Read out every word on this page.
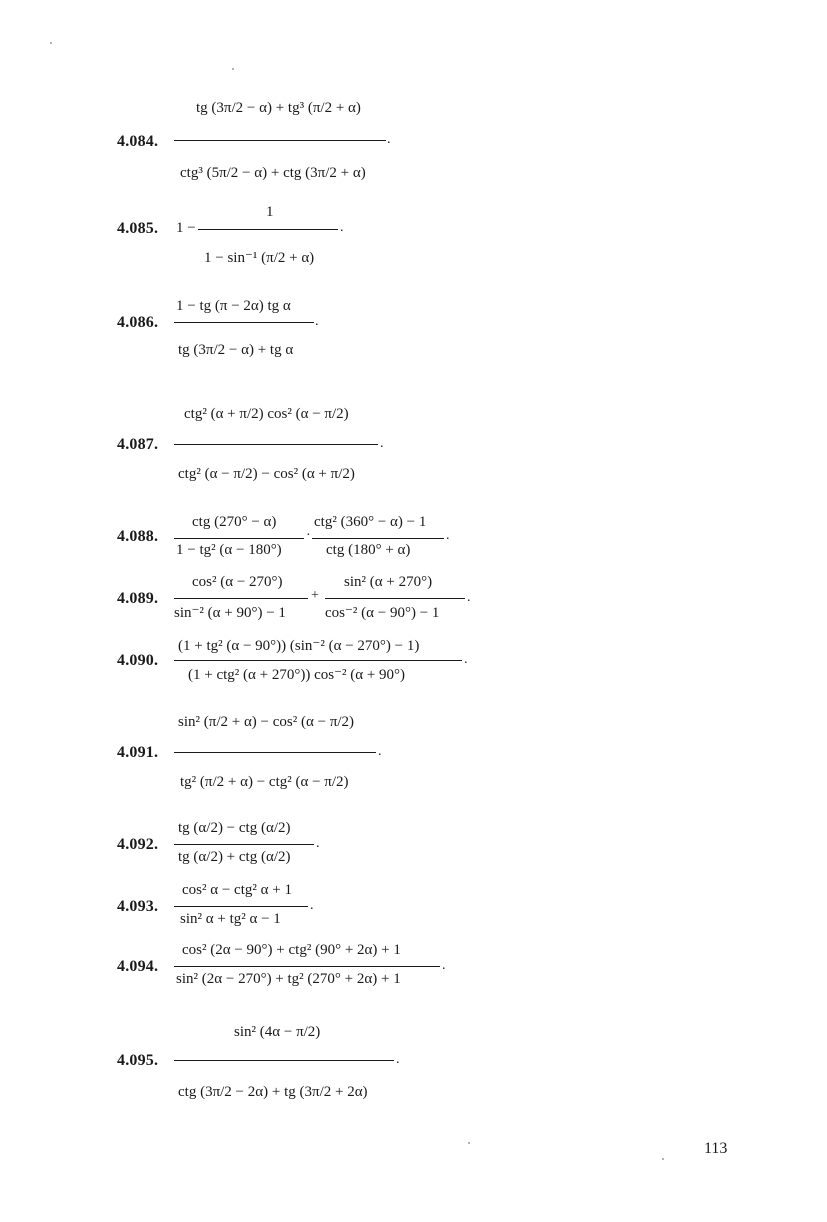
4.084.
tg (3π/2 − α) + tg³ (π/2 + α)
ctg³ (5π/2 − α) + ctg (3π/2 + α)
.
4.085. 1 −
1
1 − sin⁻¹ (π/2 + α)
.
4.086.
1 − tg (π − 2α) tg α
tg (3π/2 − α) + tg α
.
4.087.
ctg² (α + π/2) cos² (α − π/2)
ctg² (α − π/2) − cos² (α + π/2)
.
4.088.
ctg (270° − α)
1 − tg² (α − 180°)
·
ctg² (360° − α) − 1
ctg (180° + α)
.
4.089.
cos² (α − 270°)
sin⁻² (α + 90°) − 1
+
sin² (α + 270°)
cos⁻² (α − 90°) − 1
.
4.090.
(1 + tg² (α − 90°)) (sin⁻² (α − 270°) − 1)
(1 + ctg² (α + 270°)) cos⁻² (α + 90°)
.
4.091.
sin² (π/2 + α) − cos² (α − π/2)
tg² (π/2 + α) − ctg² (α − π/2)
.
4.092.
tg (α/2) − ctg (α/2)
tg (α/2) + ctg (α/2)
.
4.093.
cos² α − ctg² α + 1
sin² α + tg² α − 1
.
4.094.
cos² (2α − 90°) + ctg² (90° + 2α) + 1
sin² (2α − 270°) + tg² (270° + 2α) + 1
.
4.095.
sin² (4α − π/2)
ctg (3π/2 − 2α) + tg (3π/2 + 2α)
.
113
